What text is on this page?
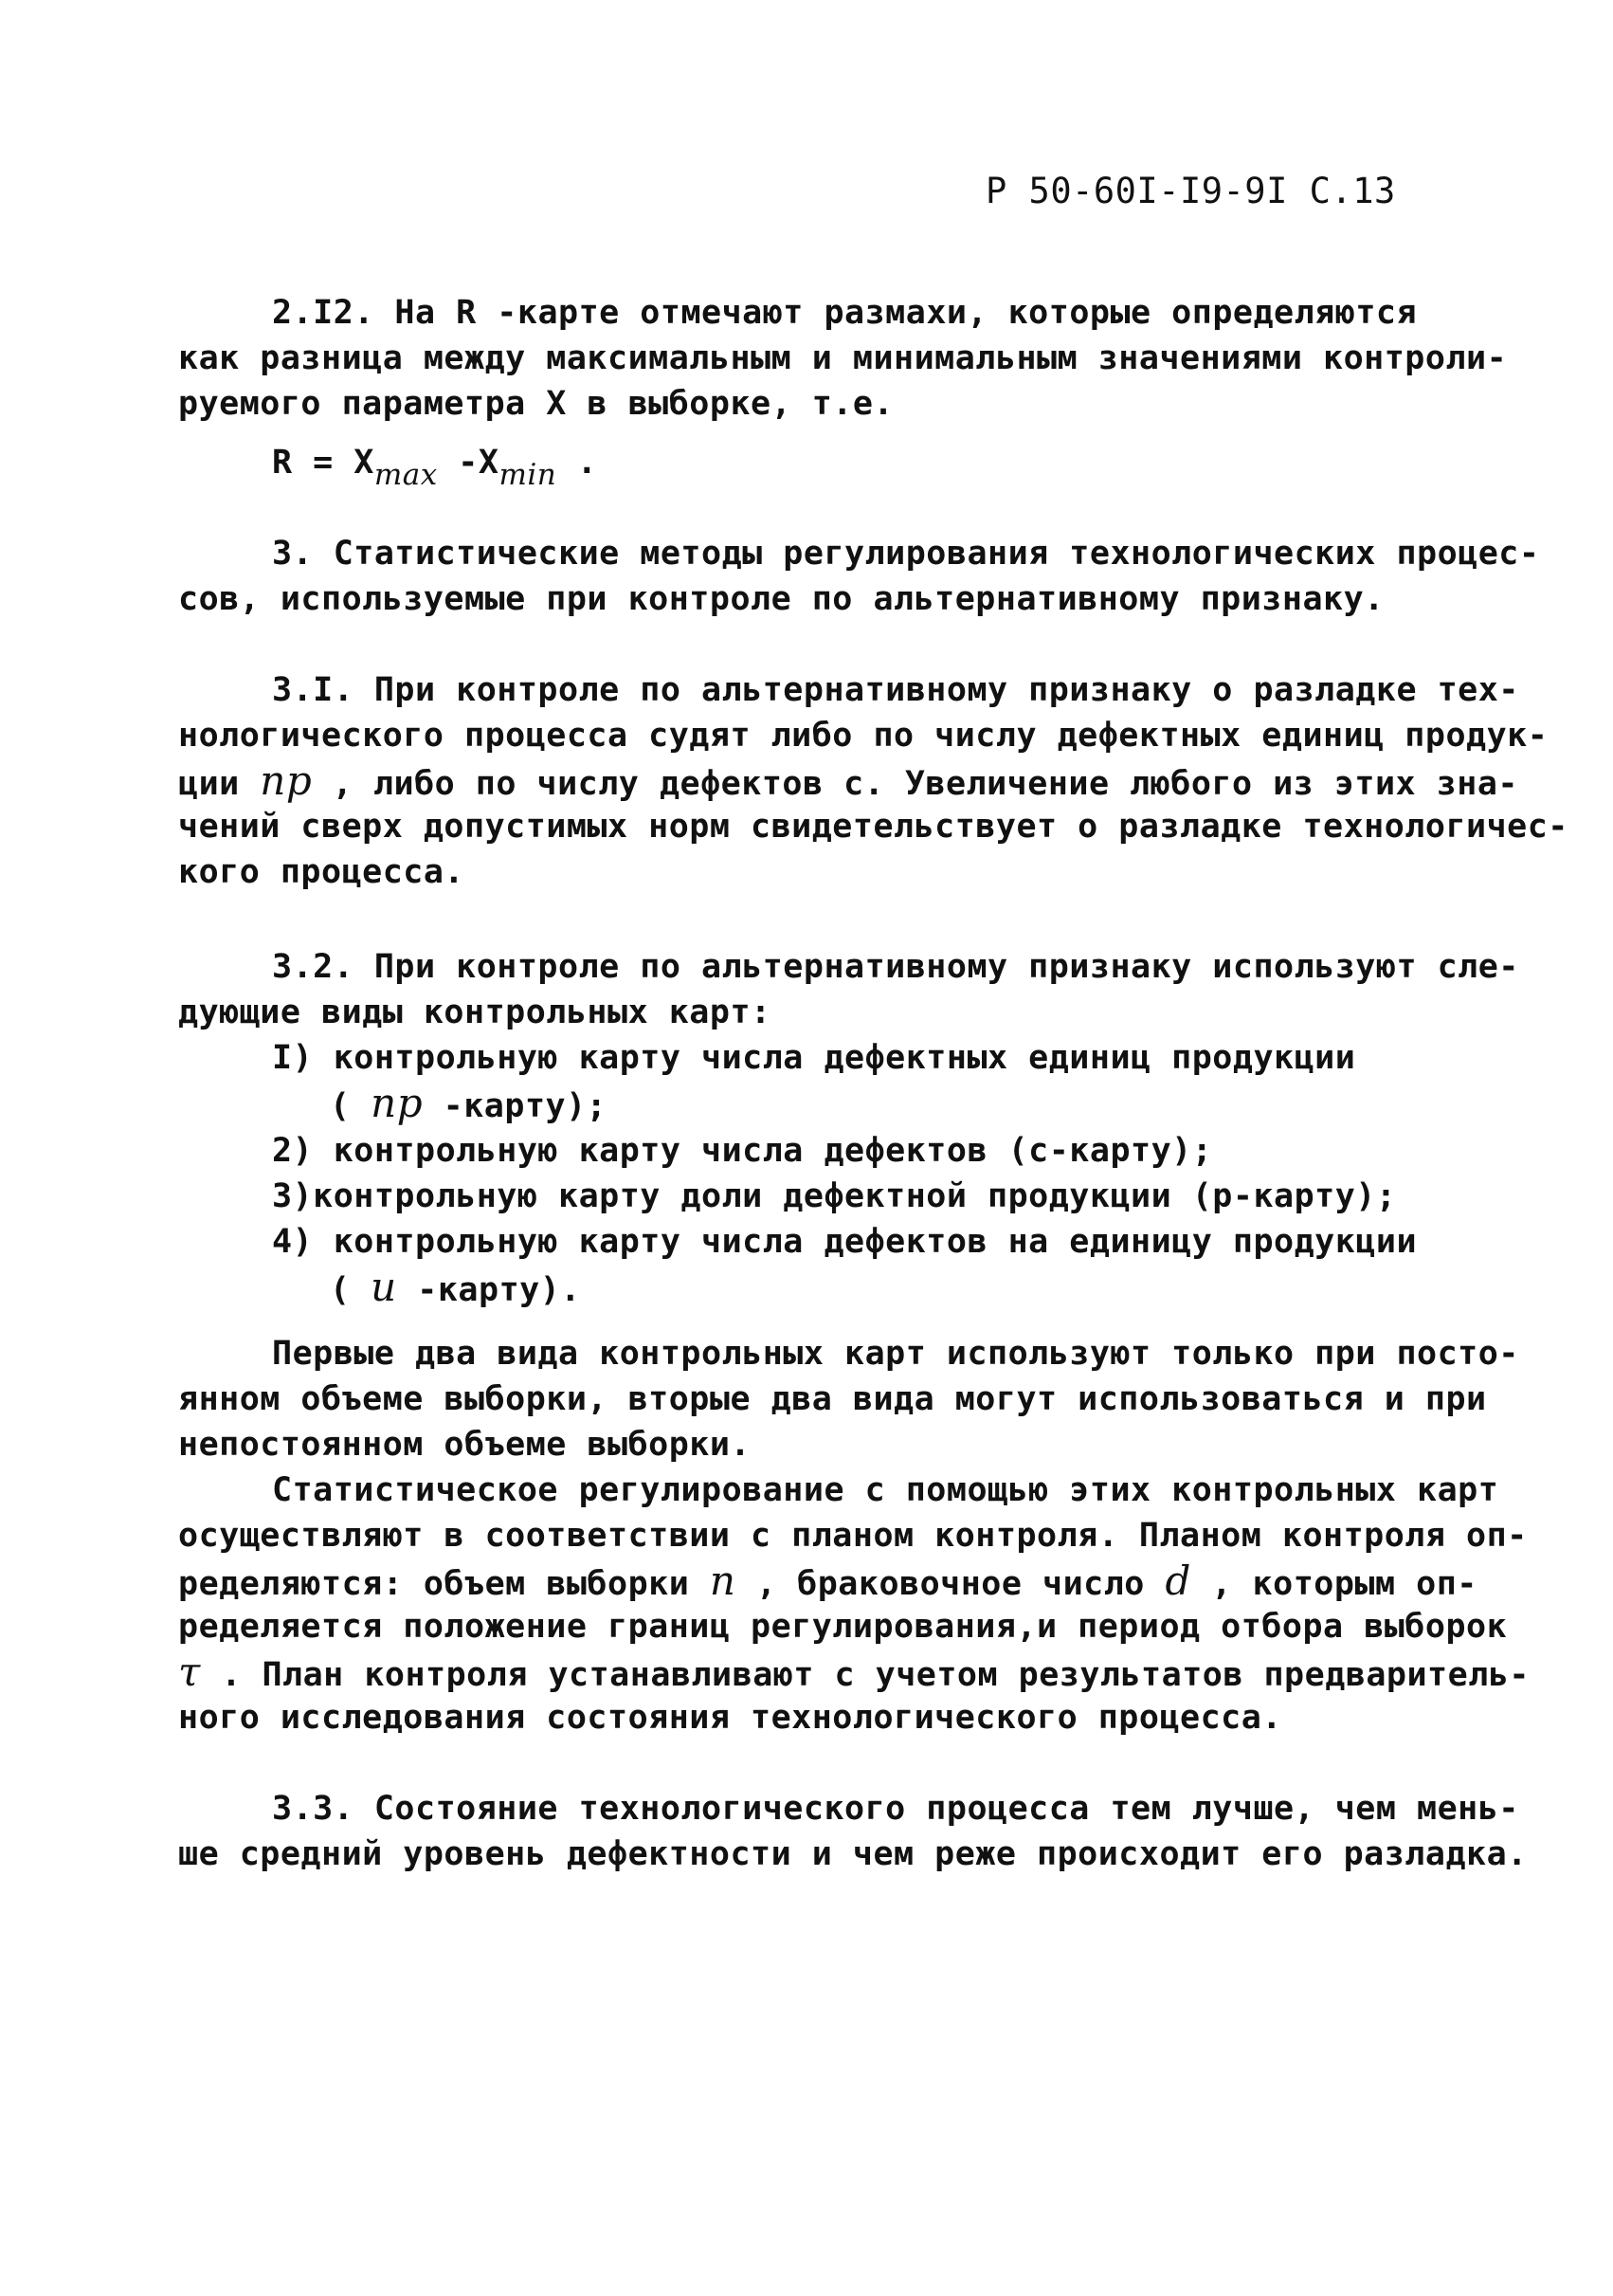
Р 50-60I-I9-9I С.13
2.I2. На R -карте отмечают размахи, которые определяются
как разница между максимальным и минимальным значениями контроли-
руемого параметра X в выборке, т.е.
R = Xmax -Xmin .
3. Статистические методы регулирования технологических процес-
сов, используемые при контроле по альтернативному признаку.
3.I. При контроле по альтернативному признаку о разладке тех-
нологического процесса судят либо по числу дефектных единиц продук-
ции np , либо по числу дефектов с. Увеличение любого из этих зна-
чений сверх допустимых норм свидетельствует о разладке технологичес-
кого процесса.
3.2. При контроле по альтернативному признаку используют сле-
дующие виды контрольных карт:
I) контрольную карту числа дефектных единиц продукции
( np -карту);
2) контрольную карту числа дефектов (с-карту);
3)контрольную карту доли дефектной продукции (р-карту);
4) контрольную карту числа дефектов на единицу продукции
( u -карту).
Первые два вида контрольных карт используют только при посто-
янном объеме выборки, вторые два вида могут использоваться и при
непостоянном объеме выборки.
Статистическое регулирование с помощью этих контрольных карт
осуществляют в соответствии с планом контроля. Планом контроля оп-
ределяются: объем выборки n , браковочное число d , которым оп-
ределяется положение границ регулирования,и период отбора выборок
τ . План контроля устанавливают с учетом результатов предваритель-
ного исследования состояния технологического процесса.
3.3. Состояние технологического процесса тем лучше, чем мень-
ше средний уровень дефектности и чем реже происходит его разладка.
